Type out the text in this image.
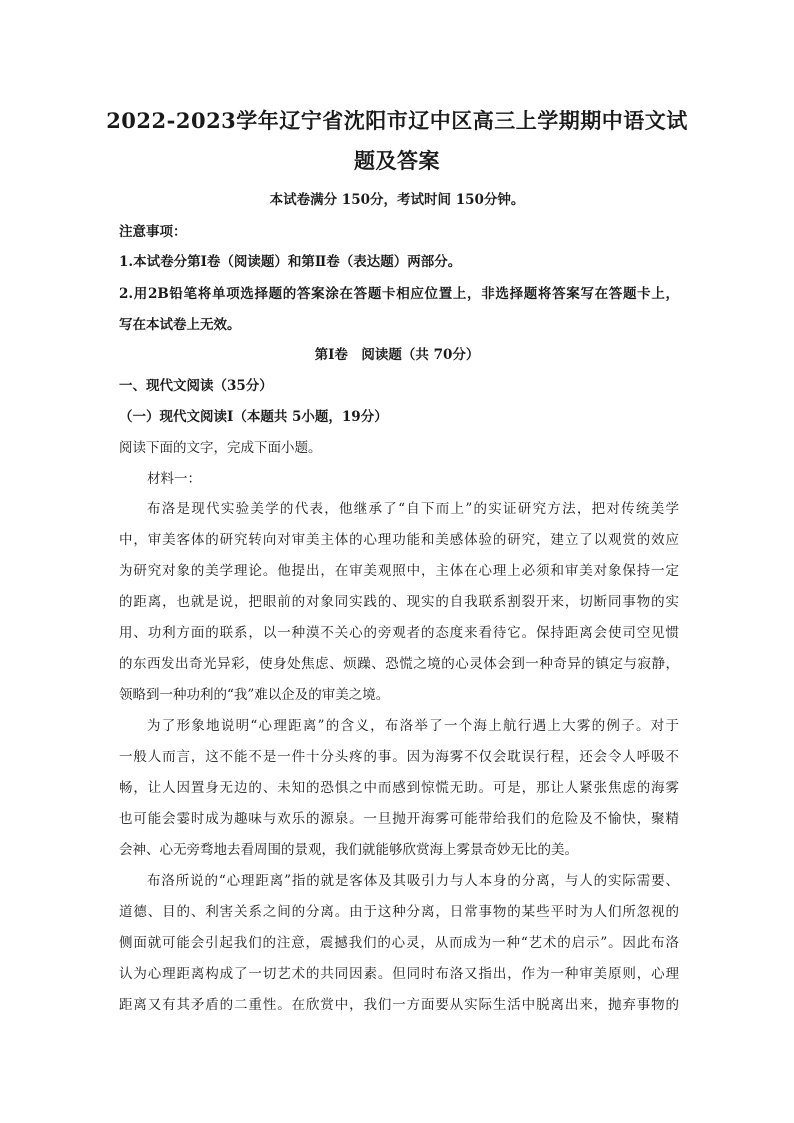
2022-2023学年辽宁省沈阳市辽中区高三上学期期中语文试
题及答案
本试卷满分 150分，考试时间 150分钟。
注意事项：
1.本试卷分第Ⅰ卷（阅读题）和第Ⅱ卷（表达题）两部分。
2.用2B铅笔将单项选择题的答案涂在答题卡相应位置上，非选择题将答案写在答题卡上，
写在本试卷上无效。
第Ⅰ卷　阅读题（共 70分）
一、现代文阅读（35分）
（一）现代文阅读Ⅰ（本题共 5小题，19分）
阅读下面的文字，完成下面小题。
材料一：
布洛是现代实验美学的代表，他继承了“自下而上”的实证研究方法，把对传统美学
中，审美客体的研究转向对审美主体的心理功能和美感体验的研究，建立了以观赏的效应
为研究对象的美学理论。他提出，在审美观照中，主体在心理上必须和审美对象保持一定
的距离，也就是说，把眼前的对象同实践的、现实的自我联系割裂开来，切断同事物的实
用、功利方面的联系，以一种漠不关心的旁观者的态度来看待它。保持距离会使司空见惯
的东西发出奇光异彩，使身处焦虑、烦躁、恐慌之境的心灵体会到一种奇异的镇定与寂静，
领略到一种功利的“我”难以企及的审美之境。
为了形象地说明“心理距离”的含义，布洛举了一个海上航行遇上大雾的例子。对于
一般人而言，这不能不是一件十分头疼的事。因为海雾不仅会耽误行程，还会令人呼吸不
畅，让人因置身无边的、未知的恐惧之中而感到惊慌无助。可是，那让人紧张焦虑的海雾
也可能会霎时成为趣味与欢乐的源泉。一旦抛开海雾可能带给我们的危险及不愉快，聚精
会神、心无旁骛地去看周围的景观，我们就能够欣赏海上雾景奇妙无比的美。
布洛所说的“心理距离”指的就是客体及其吸引力与人本身的分离，与人的实际需要、
道德、目的、利害关系之间的分离。由于这种分离，日常事物的某些平时为人们所忽视的
侧面就可能会引起我们的注意，震撼我们的心灵，从而成为一种“艺术的启示”。因此布洛
认为心理距离构成了一切艺术的共同因素。但同时布洛又指出，作为一种审美原则，心理
距离又有其矛盾的二重性。在欣赏中，我们一方面要从实际生活中脱离出来，抛弃事物的
